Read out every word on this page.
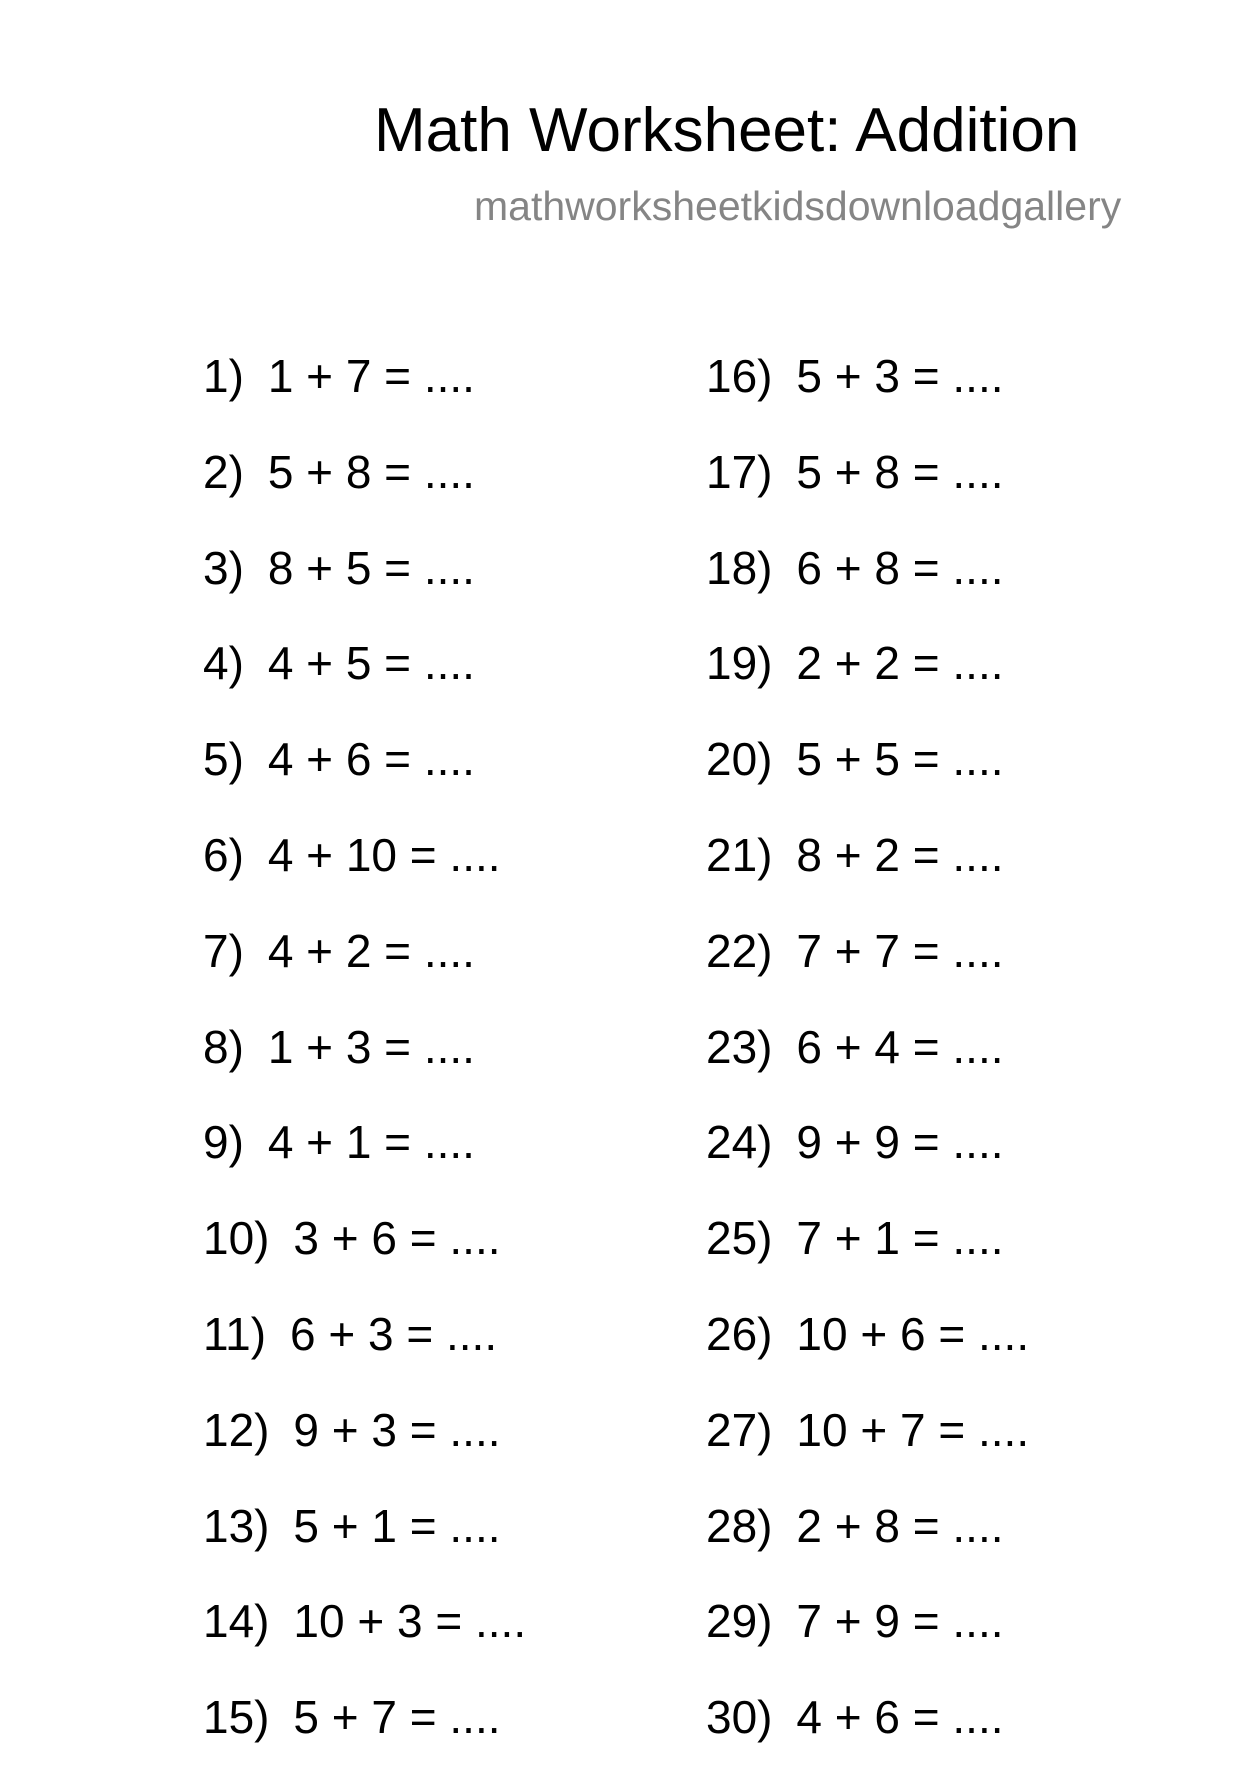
Math Worksheet: Addition
mathworksheetkidsdownloadgallery
1) 1 + 7 = ....
2) 5 + 8 = ....
3) 8 + 5 = ....
4) 4 + 5 = ....
5) 4 + 6 = ....
6) 4 + 10 = ....
7) 4 + 2 = ....
8) 1 + 3 = ....
9) 4 + 1 = ....
10) 3 + 6 = ....
11) 6 + 3 = ....
12) 9 + 3 = ....
13) 5 + 1 = ....
14) 10 + 3 = ....
15) 5 + 7 = ....
16) 5 + 3 = ....
17) 5 + 8 = ....
18) 6 + 8 = ....
19) 2 + 2 = ....
20) 5 + 5 = ....
21) 8 + 2 = ....
22) 7 + 7 = ....
23) 6 + 4 = ....
24) 9 + 9 = ....
25) 7 + 1 = ....
26) 10 + 6 = ....
27) 10 + 7 = ....
28) 2 + 8 = ....
29) 7 + 9 = ....
30) 4 + 6 = ....
